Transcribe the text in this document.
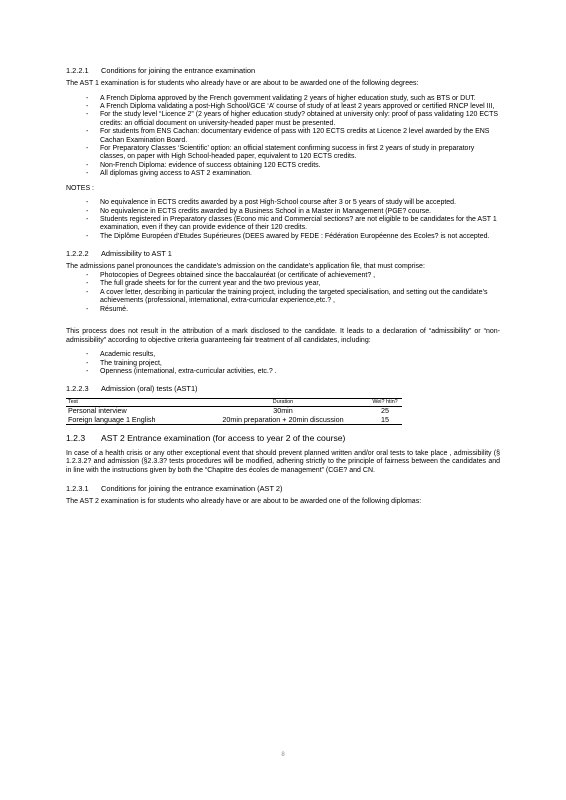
1.2.2.1 Conditions for joining the entrance examination

The AST 1 examination is for students who already have or are about to be awarded one of the following degrees:

- A French Diploma approved by the French government validating 2 years of higher education study, such as BTS or DUT.
- A French Diploma validating a post-High School/GCE ‘A’ course of study of at least 2 years approved or certified RNCP level III,
- For the study level “Licence 2” (2 years of higher education study? obtained at university only: proof of pass validating 120 ECTS credits: an official document on university-headed paper must be presented.
- For students from ENS Cachan: documentary evidence of pass with 120 ECTS credits at Licence 2 level awarded by the ENS Cachan Examination Board.
- For Preparatory Classes ‘Scientific’ option: an official statement confirming success in first 2 years of study in preparatory classes, on paper with High School-headed paper, equivalent to 120 ECTS credits.
- Non-French Diploma: evidence of success obtaining 120 ECTS credits.
- All diplomas giving access to AST 2 examination.

NOTES :

- No equivalence in ECTS credits awarded by a post High-School course after 3 or 5 years of study will be accepted.
- No equivalence in ECTS credits awarded by a Business School in a Master in Management (PGE? course.
- Students registered in Preparatory classes (Econo mic and Commercial sections? are not eligible to be candidates for the AST 1 examination, even if they can provide evidence of their 120 credits.
- The Diplôme Européen d’Etudes Supérieures (DEES awared by FEDE : Fédération Européenne des Ecoles? is not accepted.
1.2.2.2 Admissibility to AST 1

The admissions panel pronounces the candidate’s admission on the candidate’s application file, that must comprise:

- Photocopies of Degrees obtained since the baccalauréat (or certificate of achievement? ,
- The full grade sheets for for the current year and the two previous year,
- A cover letter, describing in particular the training project, including the targeted specialisation, and setting out the candidate’s achievements (professional, international, extra-curricular experience,etc.? ,
- Résumé.

This process does not result in the attribution of a mark disclosed to the candidate. It leads to a declaration of “admissibility” or “non-admissibility” according to objective criteria guaranteeing fair treatment of all candidates, including:

- Academic results,
- The training project,
- Openness (international, extra-curricular activities, etc.? .
1.2.2.3 Admission (oral) tests (AST1)
Test	Duration	Wei? htin?
Personal interview	30min	25
Foreign language 1 English	20min preparation + 20min discussion	15
1.2.3 AST 2 Entrance examination (for access to year 2 of the course)

In case of a health crisis or any other exceptional event that should prevent planned written and/or oral tests to take place , admissibility (§ 1.2.3.2? and admission (§2.3.3? tests procedures will be modified, adhering strictly to the principle of fairness between the candidates and in line with the instructions given by both the “Chapitre des écoles de management” (CGE? and CN.

1.2.3.1 Conditions for joining the entrance examination (AST 2)

The AST 2 examination is for students who already have or are about to be awarded one of the following diplomas:

8
